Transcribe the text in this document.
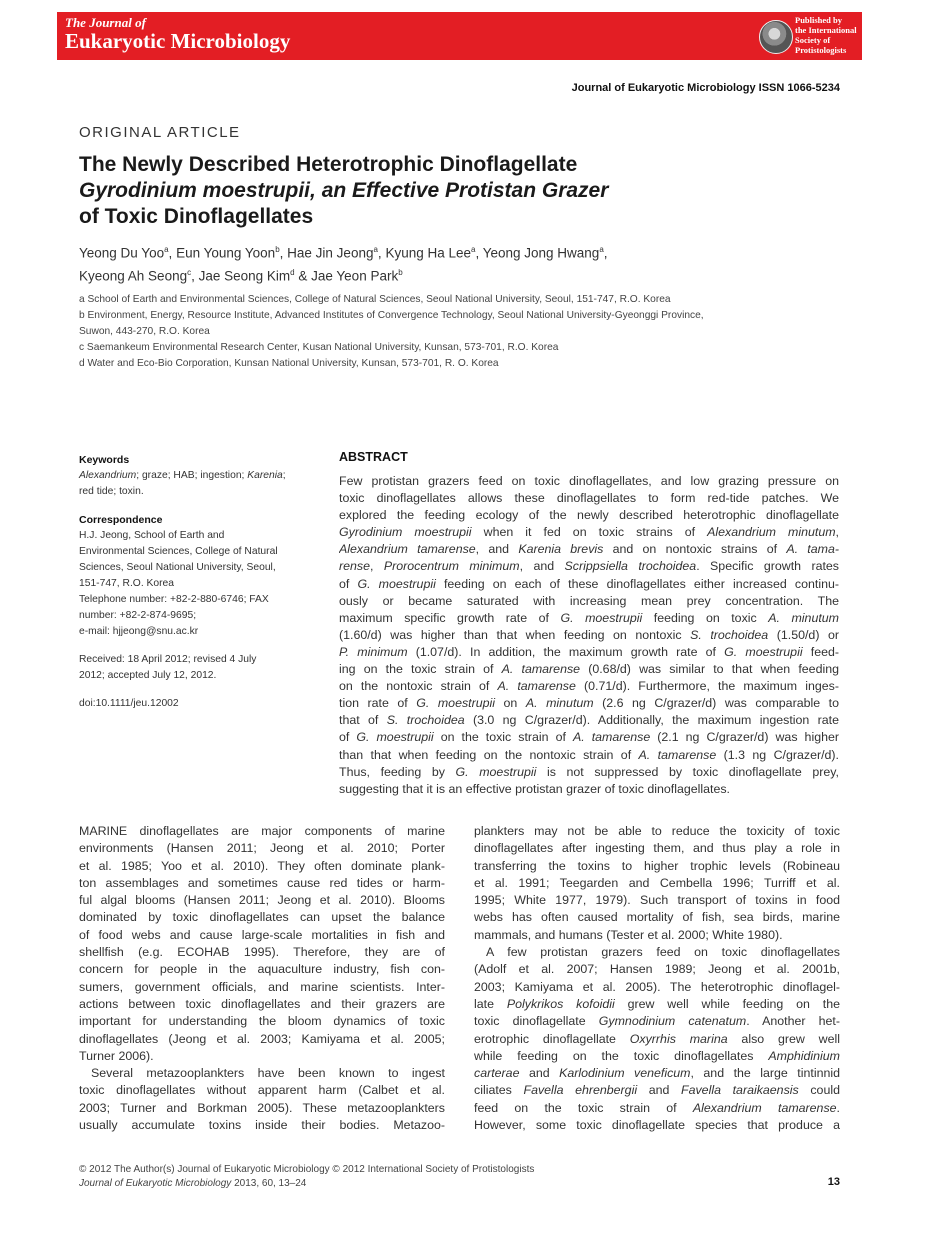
The Journal of
Eukaryotic Microbiology
Published by
the International
Society of
Protistologists
Journal of Eukaryotic Microbiology ISSN 1066-5234
ORIGINAL ARTICLE
The Newly Described Heterotrophic Dinoflagellate
Gyrodinium moestrupii, an Effective Protistan Grazer
of Toxic Dinoflagellates
Yeong Du Yoo$^a$, Eun Young Yoon$^b$, Hae Jin Jeong$^a$, Kyung Ha Lee$^a$, Yeong Jong Hwang$^a$,
Kyeong Ah Seong$^c$, Jae Seong Kim$^d$ & Jae Yeon Park$^b$
a School of Earth and Environmental Sciences, College of Natural Sciences, Seoul National University, Seoul, 151-747, R.O. Korea
b Environment, Energy, Resource Institute, Advanced Institutes of Convergence Technology, Seoul National University-Gyeonggi Province,
Suwon, 443-270, R.O. Korea
c Saemankeum Environmental Research Center, Kusan National University, Kunsan, 573-701, R.O. Korea
d Water and Eco-Bio Corporation, Kunsan National University, Kunsan, 573-701, R. O. Korea
Keywords
Alexandrium; graze; HAB; ingestion; Karenia;
red tide; toxin.
Correspondence
H.J. Jeong, School of Earth and
Environmental Sciences, College of Natural
Sciences, Seoul National University, Seoul,
151-747, R.O. Korea
Telephone number: +82-2-880-6746; FAX
number: +82-2-874-9695;
e-mail: hjjeong@snu.ac.kr
Received: 18 April 2012; revised 4 July
2012; accepted July 12, 2012.
doi:10.1111/jeu.12002
ABSTRACT
Few protistan grazers feed on toxic dinoflagellates, and low grazing pressure on
toxic dinoflagellates allows these dinoflagellates to form red-tide patches. We
explored the feeding ecology of the newly described heterotrophic dinoflagellate
Gyrodinium moestrupii when it fed on toxic strains of Alexandrium minutum,
Alexandrium tamarense, and Karenia brevis and on nontoxic strains of A. tama-
rense, Prorocentrum minimum, and Scrippsiella trochoidea. Specific growth rates
of G. moestrupii feeding on each of these dinoflagellates either increased continu-
ously or became saturated with increasing mean prey concentration. The
maximum specific growth rate of G. moestrupii feeding on toxic A. minutum
(1.60/d) was higher than that when feeding on nontoxic S. trochoidea (1.50/d) or
P. minimum (1.07/d). In addition, the maximum growth rate of G. moestrupii feed-
ing on the toxic strain of A. tamarense (0.68/d) was similar to that when feeding
on the nontoxic strain of A. tamarense (0.71/d). Furthermore, the maximum inges-
tion rate of G. moestrupii on A. minutum (2.6 ng C/grazer/d) was comparable to
that of S. trochoidea (3.0 ng C/grazer/d). Additionally, the maximum ingestion rate
of G. moestrupii on the toxic strain of A. tamarense (2.1 ng C/grazer/d) was higher
than that when feeding on the nontoxic strain of A. tamarense (1.3 ng C/grazer/d).
Thus, feeding by G. moestrupii is not suppressed by toxic dinoflagellate prey,
suggesting that it is an effective protistan grazer of toxic dinoflagellates.
MARINE dinoflagellates are major components of marine
environments (Hansen 2011; Jeong et al. 2010; Porter
et al. 1985; Yoo et al. 2010). They often dominate plank-
ton assemblages and sometimes cause red tides or harm-
ful algal blooms (Hansen 2011; Jeong et al. 2010). Blooms
dominated by toxic dinoflagellates can upset the balance
of food webs and cause large-scale mortalities in fish and
shellfish (e.g. ECOHAB 1995). Therefore, they are of
concern for people in the aquaculture industry, fish con-
sumers, government officials, and marine scientists. Inter-
actions between toxic dinoflagellates and their grazers are
important for understanding the bloom dynamics of toxic
dinoflagellates (Jeong et al. 2003; Kamiyama et al. 2005;
Turner 2006).
Several metazooplankters have been known to ingest
toxic dinoflagellates without apparent harm (Calbet et al.
2003; Turner and Borkman 2005). These metazooplankters
usually accumulate toxins inside their bodies. Metazoo-
plankters may not be able to reduce the toxicity of toxic
dinoflagellates after ingesting them, and thus play a role in
transferring the toxins to higher trophic levels (Robineau
et al. 1991; Teegarden and Cembella 1996; Turriff et al.
1995; White 1977, 1979). Such transport of toxins in food
webs has often caused mortality of fish, sea birds, marine
mammals, and humans (Tester et al. 2000; White 1980).
A few protistan grazers feed on toxic dinoflagellates
(Adolf et al. 2007; Hansen 1989; Jeong et al. 2001b,
2003; Kamiyama et al. 2005). The heterotrophic dinoflagel-
late Polykrikos kofoidii grew well while feeding on the
toxic dinoflagellate Gymnodinium catenatum. Another het-
erotrophic dinoflagellate Oxyrrhis marina also grew well
while feeding on the toxic dinoflagellates Amphidinium
carterae and Karlodinium veneficum, and the large tintinnid
ciliates Favella ehrenbergii and Favella taraikaensis could
feed on the toxic strain of Alexandrium tamarense.
However, some toxic dinoflagellate species that produce a
© 2012 The Author(s) Journal of Eukaryotic Microbiology © 2012 International Society of Protistologists
Journal of Eukaryotic Microbiology 2013, 60, 13–24	13
